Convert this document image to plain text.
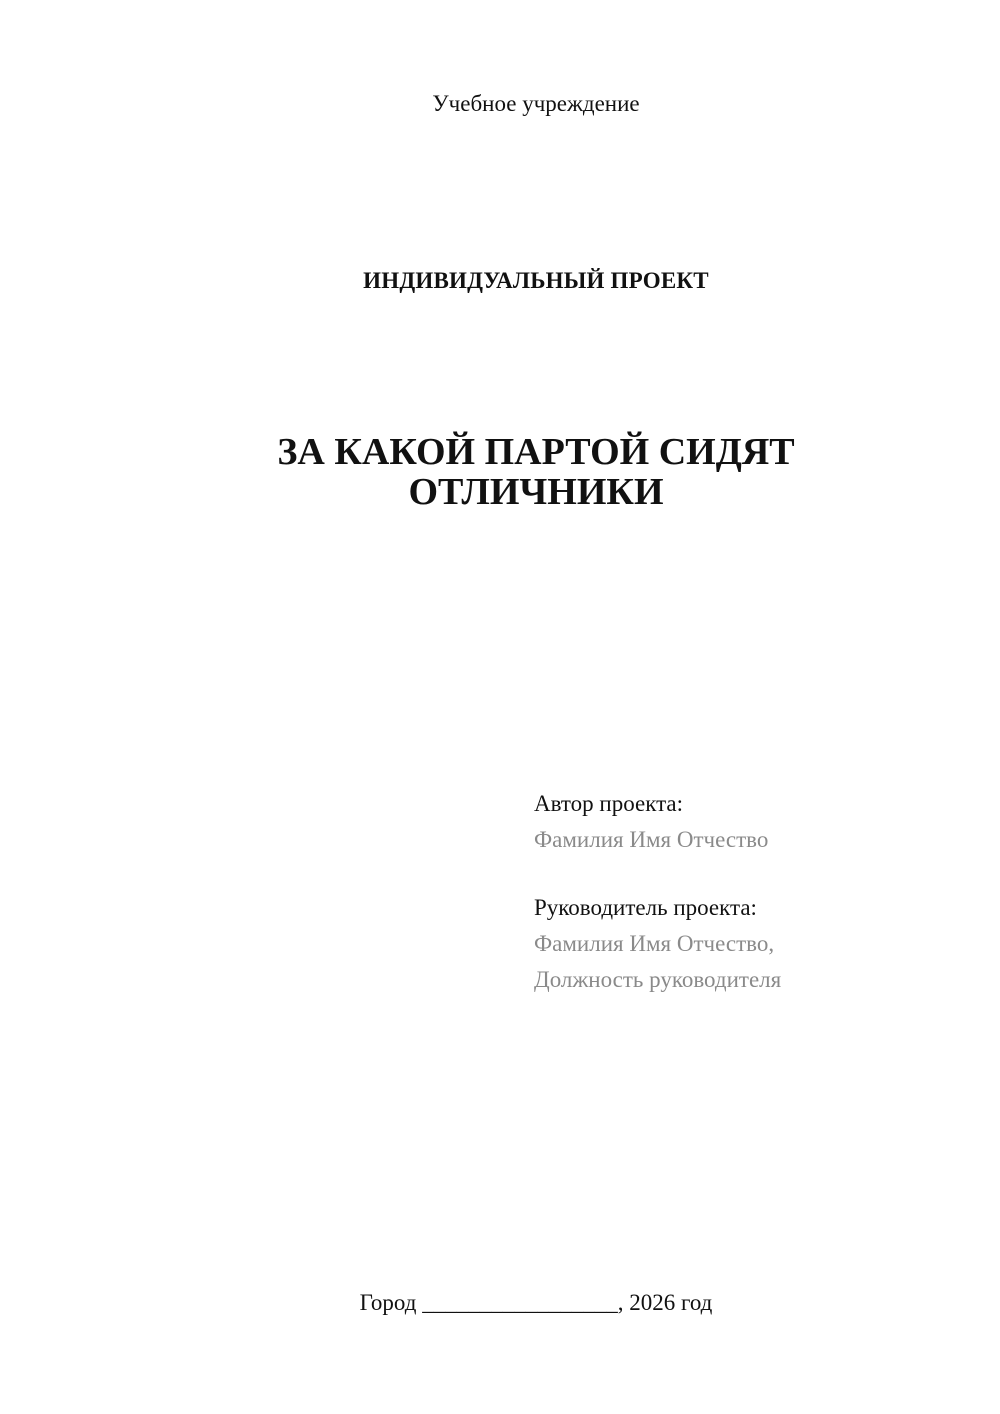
Учебное учреждение
ИНДИВИДУАЛЬНЫЙ ПРОЕКТ
ЗА КАКОЙ ПАРТОЙ СИДЯТ
ОТЛИЧНИКИ
Автор проекта:
Фамилия Имя Отчество
Руководитель проекта:
Фамилия Имя Отчество,
Должность руководителя
Город _________________, 2026 год
